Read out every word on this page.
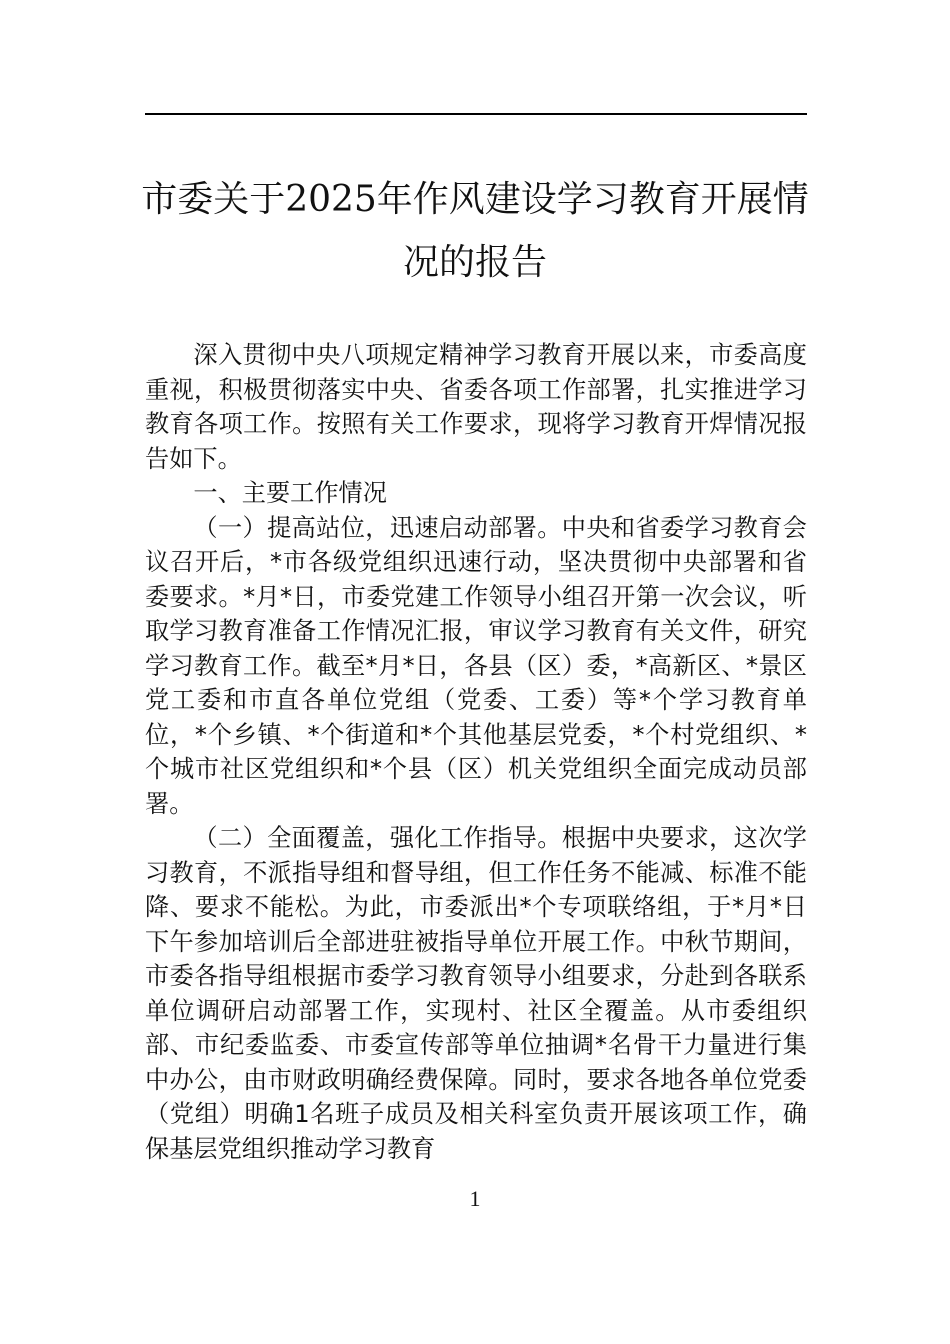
市委关于2025年作风建设学习教育开展情况的报告

深入贯彻中央八项规定精神学习教育开展以来，市委高度重视，积极贯彻落实中央、省委各项工作部署，扎实推进学习教育各项工作。按照有关工作要求，现将学习教育开焊情况报告如下。

一、主要工作情况

（一）提高站位，迅速启动部署。中央和省委学习教育会议召开后，*市各级党组织迅速行动，坚决贯彻中央部署和省委要求。*月*日，市委党建工作领导小组召开第一次会议，听取学习教育准备工作情况汇报，审议学习教育有关文件，研究学习教育工作。截至*月*日，各县（区）委，*高新区、*景区党工委和市直各单位党组（党委、工委）等*个学习教育单位，*个乡镇、*个街道和*个其他基层党委，*个村党组织、*个城市社区党组织和*个县（区）机关党组织全面完成动员部署。

（二）全面覆盖，强化工作指导。根据中央要求，这次学习教育，不派指导组和督导组，但工作任务不能减、标准不能降、要求不能松。为此，市委派出*个专项联络组，于*月*日下午参加培训后全部进驻被指导单位开展工作。中秋节期间，市委各指导组根据市委学习教育领导小组要求，分赴到各联系单位调研启动部署工作，实现村、社区全覆盖。从市委组织部、市纪委监委、市委宣传部等单位抽调*名骨干力量进行集中办公，由市财政明确经费保障。同时，要求各地各单位党委（党组）明确1名班子成员及相关科室负责开展该项工作，确保基层党组织推动学习教育

1
